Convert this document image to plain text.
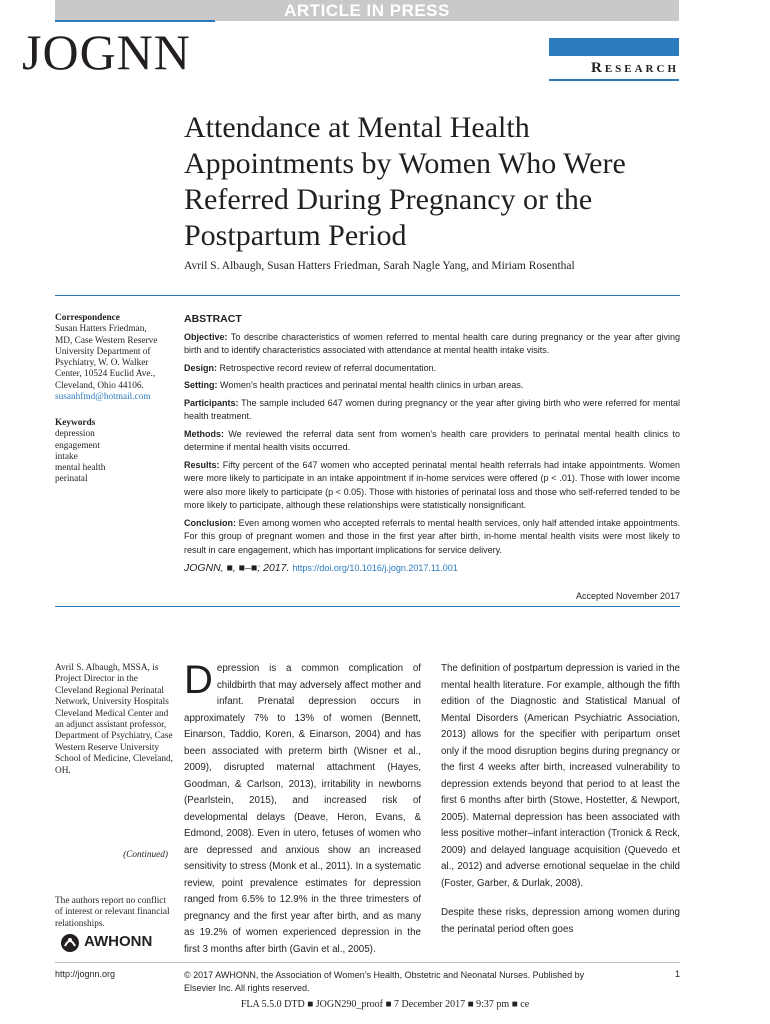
ARTICLE IN PRESS
JOGNN	Research
Attendance at Mental Health Appointments by Women Who Were Referred During Pregnancy or the Postpartum Period
Avril S. Albaugh, Susan Hatters Friedman, Sarah Nagle Yang, and Miriam Rosenthal
Correspondence
Susan Hatters Friedman,
MD, Case Western Reserve
University Department of
Psychiatry, W. O. Walker
Center, 10524 Euclid Ave.,
Cleveland, Ohio 44106.
susanhfmd@hotmail.com
Keywords
depression
engagement
intake
mental health
perinatal
ABSTRACT

Objective: To describe characteristics of women referred to mental health care during pregnancy or the year after giving birth and to identify characteristics associated with attendance at mental health intake visits.

Design: Retrospective record review of referral documentation.

Setting: Women’s health practices and perinatal mental health clinics in urban areas.

Participants: The sample included 647 women during pregnancy or the year after giving birth who were referred for mental health treatment.

Methods: We reviewed the referral data sent from women’s health care providers to perinatal mental health clinics to determine if mental health visits occurred.

Results: Fifty percent of the 647 women who accepted perinatal mental health referrals had intake appointments. Women were more likely to participate in an intake appointment if in-home services were offered (p < .01). Those with lower income were also more likely to participate (p < 0.05). Those with histories of perinatal loss and those who self-referred tended to be more likely to participate, although these relationships were statistically nonsignificant.

Conclusion: Even among women who accepted referrals to mental health services, only half attended intake appointments. For this group of pregnant women and those in the first year after birth, in-home mental health visits were most likely to result in care engagement, which has important implications for service delivery.

JOGNN, ■, ■–■; 2017. https://doi.org/10.1016/j.jogn.2017.11.001
Accepted November 2017
Avril S. Albaugh, MSSA, is Project Director in the Cleveland Regional Perinatal Network, University Hospitals Cleveland Medical Center and an adjunct assistant professor, Department of Psychiatry, Case Western Reserve University School of Medicine, Cleveland, OH.
(Continued)
The authors report no conflict of interest or relevant financial relationships.
AWHONN

Depression is a common complication of childbirth that may adversely affect mother and infant. Prenatal depression occurs in approximately 7% to 13% of women (Bennett, Einarson, Taddio, Koren, & Einarson, 2004) and has been associated with preterm birth (Wisner et al., 2009), disrupted maternal attachment (Hayes, Goodman, & Carlson, 2013), irritability in newborns (Pearlstein, 2015), and increased risk of developmental delays (Deave, Heron, Evans, & Edmond, 2008). Even in utero, fetuses of women who are depressed and anxious show an increased sensitivity to stress (Monk et al., 2011). In a systematic review, point prevalence estimates for depression ranged from 6.5% to 12.9% in the three trimesters of pregnancy and the first year after birth, and as many as 19.2% of women experienced depression in the first 3 months after birth (Gavin et al., 2005).

The definition of postpartum depression is varied in the mental health literature. For example, although the fifth edition of the Diagnostic and Statistical Manual of Mental Disorders (American Psychiatric Association, 2013) allows for the specifier with peripartum onset only if the mood disruption begins during pregnancy or the first 4 weeks after birth, increased vulnerability to depression extends beyond that period to at least the first 6 months after birth (Stowe, Hostetter, & Newport, 2005). Maternal depression has been associated with less positive mother–infant interaction (Tronick & Reck, 2009) and delayed language acquisition (Quevedo et al., 2012) and adverse emotional sequelae in the child (Foster, Garber, & Durlak, 2008).

Despite these risks, depression among women during the perinatal period often goes

http://jognn.org	© 2017 AWHONN, the Association of Women’s Health, Obstetric and Neonatal Nurses. Published by Elsevier Inc. All rights reserved.
1
FLA 5.5.0 DTD ■ JOGN290_proof ■ 7 December 2017 ■ 9:37 pm ■ ce
